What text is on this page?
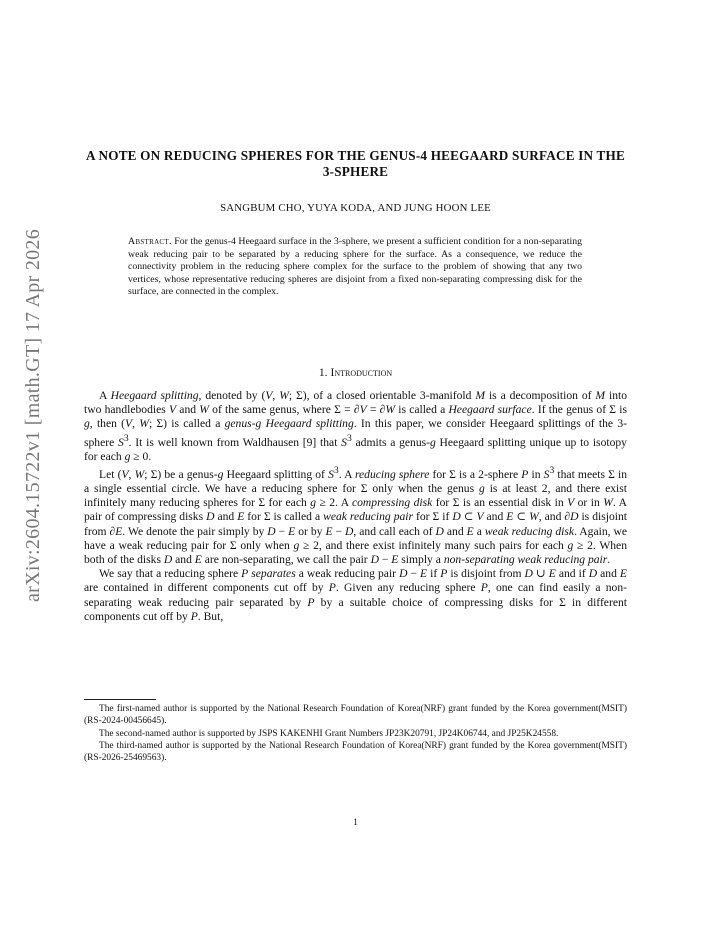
arXiv:2604.15722v1 [math.GT] 17 Apr 2026
A NOTE ON REDUCING SPHERES FOR THE GENUS-4 HEEGAARD SURFACE IN THE 3-SPHERE
SANGBUM CHO, YUYA KODA, AND JUNG HOON LEE
Abstract. For the genus-4 Heegaard surface in the 3-sphere, we present a sufficient condition for a non-separating weak reducing pair to be separated by a reducing sphere for the surface. As a consequence, we reduce the connectivity problem in the reducing sphere complex for the surface to the problem of showing that any two vertices, whose representative reducing spheres are disjoint from a fixed non-separating compressing disk for the surface, are connected in the complex.
1. Introduction

A Heegaard splitting, denoted by (V, W; Σ), of a closed orientable 3-manifold M is a decomposition of M into two handlebodies V and W of the same genus, where Σ = ∂V = ∂W is called a Heegaard surface. If the genus of Σ is g, then (V, W; Σ) is called a genus-g Heegaard splitting. In this paper, we consider Heegaard splittings of the 3-sphere $S^3$. It is well known from Waldhausen [9] that $S^3$ admits a genus-g Heegaard splitting unique up to isotopy for each g ≥ 0.

Let (V, W; Σ) be a genus-g Heegaard splitting of $S^3$. A reducing sphere for Σ is a 2-sphere P in $S^3$ that meets Σ in a single essential circle. We have a reducing sphere for Σ only when the genus g is at least 2, and there exist infinitely many reducing spheres for Σ for each g ≥ 2. A compressing disk for Σ is an essential disk in V or in W. A pair of compressing disks D and E for Σ is called a weak reducing pair for Σ if D ⊂ V and E ⊂ W, and ∂D is disjoint from ∂E. We denote the pair simply by D − E or by E − D, and call each of D and E a weak reducing disk. Again, we have a weak reducing pair for Σ only when g ≥ 2, and there exist infinitely many such pairs for each g ≥ 2. When both of the disks D and E are non-separating, we call the pair D − E simply a non-separating weak reducing pair.

We say that a reducing sphere P separates a weak reducing pair D − E if P is disjoint from D ∪ E and if D and E are contained in different components cut off by P. Given any reducing sphere P, one can find easily a non-separating weak reducing pair separated by P by a suitable choice of compressing disks for Σ in different components cut off by P. But,

The first-named author is supported by the National Research Foundation of Korea(NRF) grant funded by the Korea government(MSIT) (RS-2024-00456645).

The second-named author is supported by JSPS KAKENHI Grant Numbers JP23K20791, JP24K06744, and JP25K24558.

The third-named author is supported by the National Research Foundation of Korea(NRF) grant funded by the Korea government(MSIT) (RS-2026-25469563).

1
